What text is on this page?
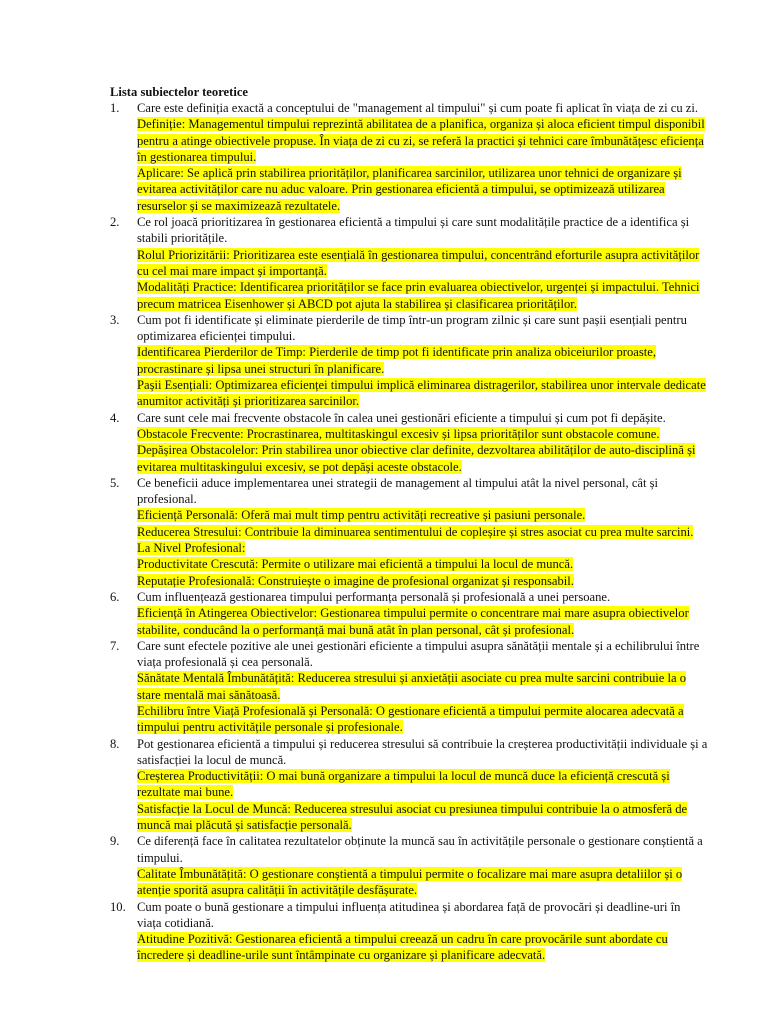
Lista subiectelor teoretice
1.	Care este definiția exactă a conceptului de "management al timpului" și cum poate fi aplicat în viața de zi cu zi.
Definiție: Managementul timpului reprezintă abilitatea de a planifica, organiza și aloca eficient timpul disponibil pentru a atinge obiectivele propuse. În viața de zi cu zi, se referă la practici și tehnici care îmbunătățesc eficiența în gestionarea timpului.
Aplicare: Se aplică prin stabilirea priorităților, planificarea sarcinilor, utilizarea unor tehnici de organizare și evitarea activităților care nu aduc valoare. Prin gestionarea eficientă a timpului, se optimizează utilizarea resurselor și se maximizează rezultatele.
2.	Ce rol joacă prioritizarea în gestionarea eficientă a timpului și care sunt modalitățile practice de a identifica și stabili prioritățile.
Rolul Priorizitării: Prioritizarea este esențială în gestionarea timpului, concentrând eforturile asupra activităților cu cel mai mare impact și importanță.
Modalități Practice: Identificarea priorităților se face prin evaluarea obiectivelor, urgenței și impactului. Tehnici precum matricea Eisenhower și ABCD pot ajuta la stabilirea și clasificarea priorităților.
3.	Cum pot fi identificate și eliminate pierderile de timp într-un program zilnic și care sunt pașii esențiali pentru optimizarea eficienței timpului.
Identificarea Pierderilor de Timp: Pierderile de timp pot fi identificate prin analiza obiceiurilor proaste, procrastinare și lipsa unei structuri în planificare.
Pașii Esențiali: Optimizarea eficienței timpului implică eliminarea distragerilor, stabilirea unor intervale dedicate anumitor activități și prioritizarea sarcinilor.
4.	Care sunt cele mai frecvente obstacole în calea unei gestionări eficiente a timpului și cum pot fi depășite.
Obstacole Frecvente: Procrastinarea, multitaskingul excesiv și lipsa priorităților sunt obstacole comune.
Depășirea Obstacolelor: Prin stabilirea unor obiective clar definite, dezvoltarea abilităților de auto-disciplină și evitarea multitaskingului excesiv, se pot depăși aceste obstacole.
5.	Ce beneficii aduce implementarea unei strategii de management al timpului atât la nivel personal, cât și profesional.
Eficiență Personală: Oferă mai mult timp pentru activități recreative și pasiuni personale.
Reducerea Stresului: Contribuie la diminuarea sentimentului de copleșire și stres asociat cu prea multe sarcini.
La Nivel Profesional:
Productivitate Crescută: Permite o utilizare mai eficientă a timpului la locul de muncă.
Reputație Profesională: Construiește o imagine de profesional organizat și responsabil.
6.	Cum influențează gestionarea timpului performanța personală și profesională a unei persoane.
Eficiență în Atingerea Obiectivelor: Gestionarea timpului permite o concentrare mai mare asupra obiectivelor stabilite, conducând la o performanță mai bună atât în plan personal, cât și profesional.
7.	Care sunt efectele pozitive ale unei gestionări eficiente a timpului asupra sănătății mentale și a echilibrului între viața profesională și cea personală.
Sănătate Mentală Îmbunătățită: Reducerea stresului și anxietății asociate cu prea multe sarcini contribuie la o stare mentală mai sănătoasă.
Echilibru între Viață Profesională și Personală: O gestionare eficientă a timpului permite alocarea adecvată a timpului pentru activitățile personale și profesionale.
8.	Pot gestionarea eficientă a timpului și reducerea stresului să contribuie la creșterea productivității individuale și a satisfacției la locul de muncă.
Creșterea Productivității: O mai bună organizare a timpului la locul de muncă duce la eficiență crescută și rezultate mai bune.
Satisfacție la Locul de Muncă: Reducerea stresului asociat cu presiunea timpului contribuie la o atmosferă de muncă mai plăcută și satisfacție personală.
9.	Ce diferență face în calitatea rezultatelor obținute la muncă sau în activitățile personale o gestionare conștientă a timpului.
Calitate Îmbunătățită: O gestionare conștientă a timpului permite o focalizare mai mare asupra detaliilor și o atenție sporită asupra calității în activitățile desfășurate.
10. Cum poate o bună gestionare a timpului influența atitudinea și abordarea față de provocări și deadline-uri în viața cotidiană.
Atitudine Pozitivă: Gestionarea eficientă a timpului creează un cadru în care provocările sunt abordate cu încredere și deadline-urile sunt întâmpinate cu organizare și planificare adecvată.
